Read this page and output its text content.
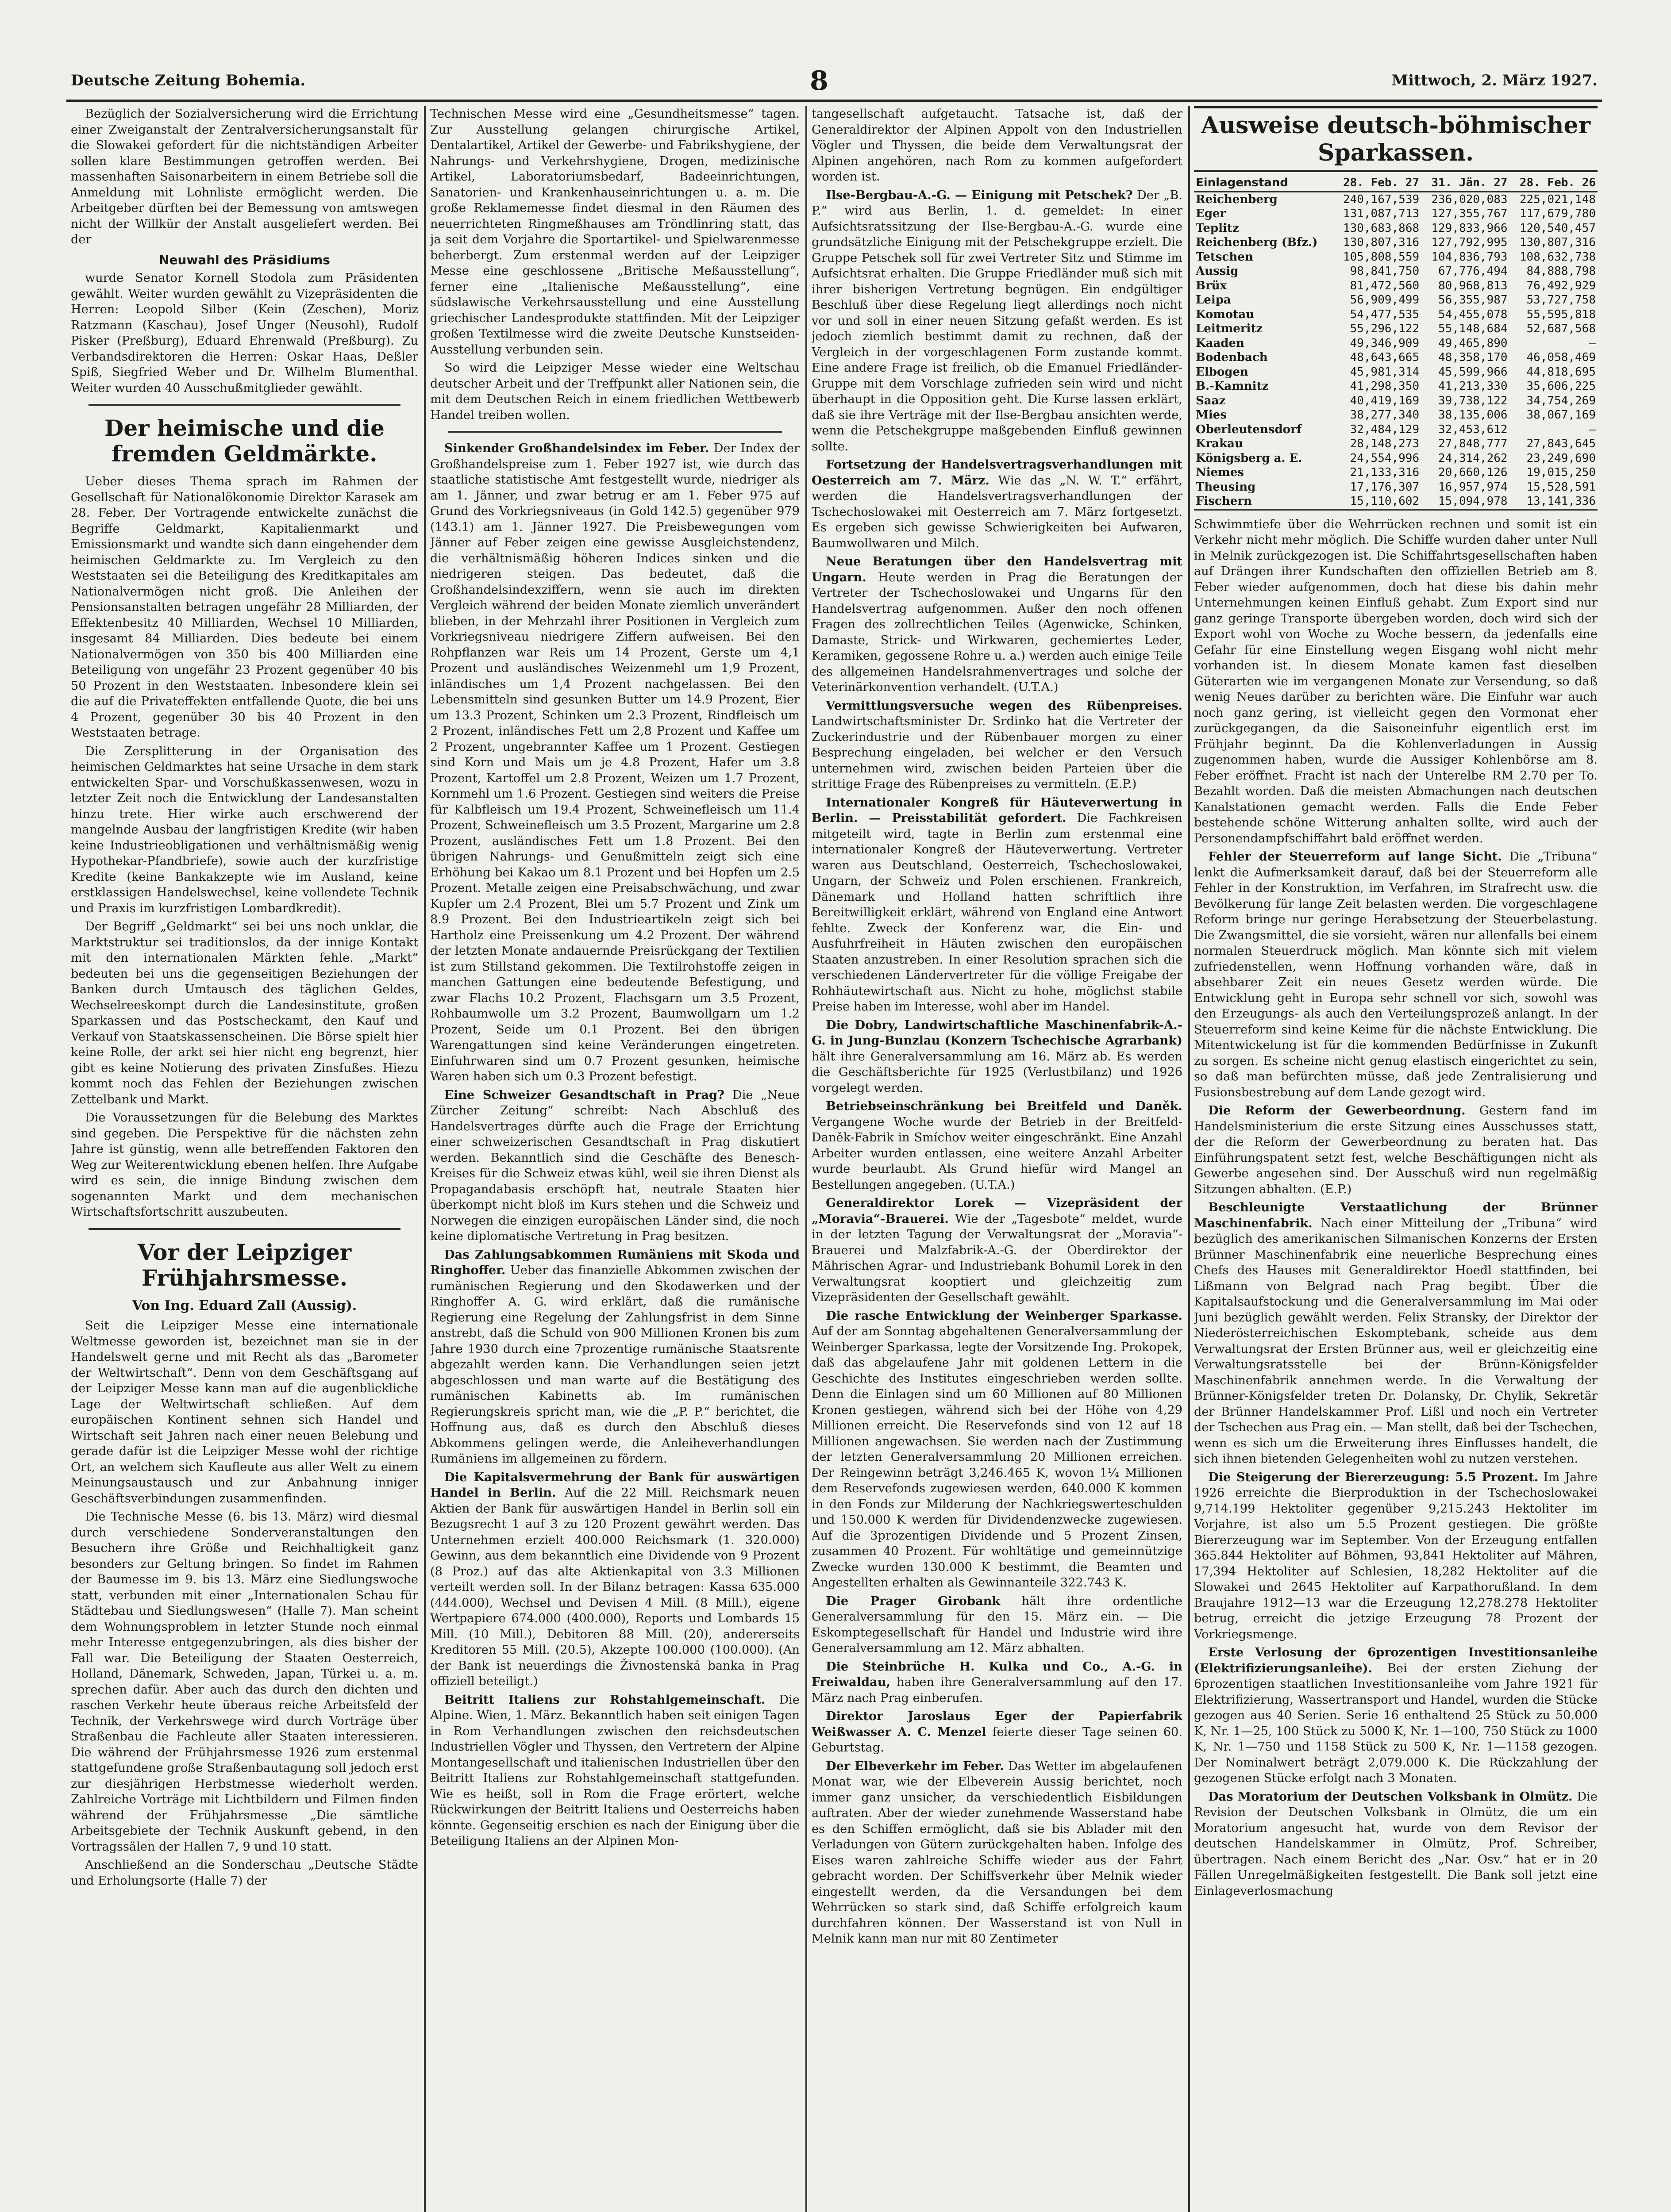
Deutsche Zeitung Bohemia.	8	Mittwoch, 2. März 1927.

Bezüglich der Sozialversicherung wird die Errichtung einer Zweiganstalt der Zentralversicherungsanstalt für die Slowakei gefordert für die nichtständigen Arbeiter sollen klare Bestimmungen getroffen werden. Bei massenhaften Saisonarbeitern in einem Betriebe soll die Anmeldung mit Lohnliste ermöglicht werden. Die Arbeitgeber dürften bei der Bemessung von amtswegen nicht der Willkür der Anstalt ausgeliefert werden. Bei der

Neuwahl des Präsidiums

wurde Senator Kornell Stodola zum Präsidenten gewählt. Weiter wurden gewählt zu Vizepräsidenten die Herren: Leopold Silber (Kein (Zeschen), Moriz Ratzmann (Kaschau), Josef Unger (Neusohl), Rudolf Pisker (Preßburg), Eduard Ehrenwald (Preßburg). Zu Verbandsdirektoren die Herren: Oskar Haas, Deßler Spiß, Siegfried Weber und Dr. Wilhelm Blumenthal. Weiter wurden 40 Ausschußmitglieder gewählt.

Der heimische und die fremden Geldmärkte.

Ueber dieses Thema sprach im Rahmen der Gesellschaft für Nationalökonomie Direktor Karasek am 28. Feber. Der Vortragende entwickelte zunächst die Begriffe Geldmarkt, Kapitalienmarkt und Emissionsmarkt und wandte sich dann eingehender dem heimischen Geldmarkte zu. Im Vergleich zu den Weststaaten sei die Beteiligung des Kreditkapitales am Nationalvermögen nicht groß. Die Anleihen der Pensionsanstalten betragen ungefähr 28 Milliarden, der Effektenbesitz 40 Milliarden, Wechsel 10 Milliarden, insgesamt 84 Milliarden. Dies bedeute bei einem Nationalvermögen von 350 bis 400 Milliarden eine Beteiligung von ungefähr 23 Prozent gegenüber 40 bis 50 Prozent in den Weststaaten. Inbesondere klein sei die auf die Privateffekten entfallende Quote, die bei uns 4 Prozent, gegenüber 30 bis 40 Prozent in den Weststaaten betrage.

Die Zersplitterung in der Organisation des heimischen Geldmarktes hat seine Ursache in dem stark entwickelten Spar- und Vorschußkassenwesen, wozu in letzter Zeit noch die Entwicklung der Landesanstalten hinzu trete. Hier wirke auch erschwerend der mangelnde Ausbau der langfristigen Kredite (wir haben keine Industrieobligationen und verhältnismäßig wenig Hypothekar-Pfandbriefe), sowie auch der kurzfristige Kredite (keine Bankakzepte wie im Ausland, keine erstklassigen Handelswechsel, keine vollendete Technik und Praxis im kurzfristigen Lombardkredit).

Der Begriff „Geldmarkt“ sei bei uns noch unklar, die Marktstruktur sei traditionslos, da der innige Kontakt mit den internationalen Märkten fehle. „Markt“ bedeuten bei uns die gegenseitigen Beziehungen der Banken durch Umtausch des täglichen Geldes, Wechselreeskompt durch die Landesinstitute, großen Sparkassen und das Postscheckamt, den Kauf und Verkauf von Staatskassenscheinen. Die Börse spielt hier keine Rolle, der arkt sei hier nicht eng begrenzt, hier gibt es keine Notierung des privaten Zinsfußes. Hiezu kommt noch das Fehlen der Beziehungen zwischen Zettelbank und Markt.

Die Voraussetzungen für die Belebung des Marktes sind gegeben. Die Perspektive für die nächsten zehn Jahre ist günstig, wenn alle betreffenden Faktoren den Weg zur Weiterentwicklung ebenen helfen. Ihre Aufgabe wird es sein, die innige Bindung zwischen dem sogenannten Markt und dem mechanischen Wirtschaftsfortschritt auszubeuten.

Vor der Leipziger Frühjahrsmesse.
Von Ing. Eduard Zall (Aussig).

Seit die Leipziger Messe eine internationale Weltmesse geworden ist, bezeichnet man sie in der Handelswelt gerne und mit Recht als das „Barometer der Weltwirtschaft“. Denn von dem Geschäftsgang auf der Leipziger Messe kann man auf die augenblickliche Lage der Weltwirtschaft schließen. Auf dem europäischen Kontinent sehnen sich Handel und Wirtschaft seit Jahren nach einer neuen Belebung und gerade dafür ist die Leipziger Messe wohl der richtige Ort, an welchem sich Kaufleute aus aller Welt zu einem Meinungsaustausch und zur Anbahnung inniger Geschäftsverbindungen zusammenfinden.

Die Technische Messe (6. bis 13. März) wird diesmal durch verschiedene Sonderveranstaltungen den Besuchern ihre Größe und Reichhaltigkeit ganz besonders zur Geltung bringen. So findet im Rahmen der Baumesse im 9. bis 13. März eine Siedlungswoche statt, verbunden mit einer „Internationalen Schau für Städtebau und Siedlungswesen“ (Halle 7). Man scheint dem Wohnungsproblem in letzter Stunde noch einmal mehr Interesse entgegenzubringen, als dies bisher der Fall war. Die Beteiligung der Staaten Oesterreich, Holland, Dänemark, Schweden, Japan, Türkei u. a. m. sprechen dafür. Aber auch das durch den dichten und raschen Verkehr heute überaus reiche Arbeitsfeld der Technik, der Verkehrswege wird durch Vorträge über Straßenbau die Fachleute aller Staaten interessieren. Die während der Frühjahrsmesse 1926 zum erstenmal stattgefundene große Straßenbautagung soll jedoch erst zur diesjährigen Herbstmesse wiederholt werden. Zahlreiche Vorträge mit Lichtbildern und Filmen finden während der Frühjahrsmesse „Die sämtliche Arbeitsgebiete der Technik Auskunft gebend, in den Vortragssälen der Hallen 7, 9 und 10 statt.

Anschließend an die Sonderschau „Deutsche Städte und Erholungsorte (Halle 7) der

Technischen Messe wird eine „Gesundheitsmesse“ tagen. Zur Ausstellung gelangen chirurgische Artikel, Dentalartikel, Artikel der Gewerbe- und Fabrikshygiene, der Nahrungs- und Verkehrshygiene, Drogen, medizinische Artikel, Laboratoriumsbedarf, Badeeinrichtungen, Sanatorien- und Krankenhauseinrichtungen u. a. m. Die große Reklamemesse findet diesmal in den Räumen des neuerrichteten Ringmeßhauses am Tröndlinring statt, das ja seit dem Vorjahre die Sportartikel- und Spielwarenmesse beherbergt. Zum erstenmal werden auf der Leipziger Messe eine geschlossene „Britische Meßausstellung“, ferner eine „Italienische Meßausstellung“, eine südslawische Verkehrsausstellung und eine Ausstellung griechischer Landesprodukte stattfinden. Mit der Leipziger großen Textilmesse wird die zweite Deutsche Kunstseiden-Ausstellung verbunden sein.

So wird die Leipziger Messe wieder eine Weltschau deutscher Arbeit und der Treffpunkt aller Nationen sein, die mit dem Deutschen Reich in einem friedlichen Wettbewerb Handel treiben wollen.

Sinkender Großhandelsindex im Feber. Der Index der Großhandelspreise zum 1. Feber 1927 ist, wie durch das staatliche statistische Amt festgestellt wurde, niedriger als am 1. Jänner, und zwar betrug er am 1. Feber 975 auf Grund des Vorkriegsniveaus (in Gold 142.5) gegenüber 979 (143.1) am 1. Jänner 1927. Die Preisbewegungen vom Jänner auf Feber zeigen eine gewisse Ausgleichstendenz, die verhältnismäßig höheren Indices sinken und die niedrigeren steigen. Das bedeutet, daß die Großhandelsindexziffern, wenn sie auch im direkten Vergleich während der beiden Monate ziemlich unverändert blieben, in der Mehrzahl ihrer Positionen in Vergleich zum Vorkriegsniveau niedrigere Ziffern aufweisen. Bei den Rohpflanzen war Reis um 14 Prozent, Gerste um 4,1 Prozent und ausländisches Weizenmehl um 1,9 Prozent, inländisches um 1,4 Prozent nachgelassen. Bei den Lebensmitteln sind gesunken Butter um 14.9 Prozent, Eier um 13.3 Prozent, Schinken um 2.3 Prozent, Rindfleisch um 2 Prozent, inländisches Fett um 2,8 Prozent und Kaffee um 2 Prozent, ungebrannter Kaffee um 1 Prozent. Gestiegen sind Korn und Mais um je 4.8 Prozent, Hafer um 3.8 Prozent, Kartoffel um 2.8 Prozent, Weizen um 1.7 Prozent, Kornmehl um 1.6 Prozent. Gestiegen sind weiters die Preise für Kalbfleisch um 19.4 Prozent, Schweinefleisch um 11.4 Prozent, Schweinefleisch um 3.5 Prozent, Margarine um 2.8 Prozent, ausländisches Fett um 1.8 Prozent. Bei den übrigen Nahrungs- und Genußmitteln zeigt sich eine Erhöhung bei Kakao um 8.1 Prozent und bei Hopfen um 2.5 Prozent. Metalle zeigen eine Preisabschwächung, und zwar Kupfer um 2.4 Prozent, Blei um 5.7 Prozent und Zink um 8.9 Prozent. Bei den Industrieartikeln zeigt sich bei Hartholz eine Preissenkung um 4.2 Prozent. Der während der letzten Monate andauernde Preisrückgang der Textilien ist zum Stillstand gekommen. Die Textilrohstoffe zeigen in manchen Gattungen eine bedeutende Befestigung, und zwar Flachs 10.2 Prozent, Flachsgarn um 3.5 Prozent, Rohbaumwolle um 3.2 Prozent, Baumwollgarn um 1.2 Prozent, Seide um 0.1 Prozent. Bei den übrigen Warengattungen sind keine Veränderungen eingetreten. Einfuhrwaren sind um 0.7 Prozent gesunken, heimische Waren haben sich um 0.3 Prozent befestigt.

Eine Schweizer Gesandtschaft in Prag? Die „Neue Zürcher Zeitung“ schreibt: Nach Abschluß des Handelsvertrages dürfte auch die Frage der Errichtung einer schweizerischen Gesandtschaft in Prag diskutiert werden. Bekanntlich sind die Geschäfte des Benesch-Kreises für die Schweiz etwas kühl, weil sie ihren Dienst als Propagandabasis erschöpft hat, neutrale Staaten hier überkompt nicht bloß im Kurs stehen und die Schweiz und Norwegen die einzigen europäischen Länder sind, die noch keine diplomatische Vertretung in Prag besitzen.

Das Zahlungsabkommen Rumäniens mit Skoda und Ringhoffer. Ueber das finanzielle Abkommen zwischen der rumänischen Regierung und den Skodawerken und der Ringhoffer A. G. wird erklärt, daß die rumänische Regierung eine Regelung der Zahlungsfrist in dem Sinne anstrebt, daß die Schuld von 900 Millionen Kronen bis zum Jahre 1930 durch eine 7prozentige rumänische Staatsrente abgezahlt werden kann. Die Verhandlungen seien jetzt abgeschlossen und man warte auf die Bestätigung des rumänischen Kabinetts ab. Im rumänischen Regierungskreis spricht man, wie die „P. P.“ berichtet, die Hoffnung aus, daß es durch den Abschluß dieses Abkommens gelingen werde, die Anleiheverhandlungen Rumäniens im allgemeinen zu fördern.

Die Kapitalsvermehrung der Bank für auswärtigen Handel in Berlin. Auf die 22 Mill. Reichsmark neuen Aktien der Bank für auswärtigen Handel in Berlin soll ein Bezugsrecht 1 auf 3 zu 120 Prozent gewährt werden. Das Unternehmen erzielt 400.000 Reichsmark (1. 320.000) Gewinn, aus dem bekanntlich eine Dividende von 9 Prozent (8 Proz.) auf das alte Aktienkapital von 3.3 Millionen verteilt werden soll. In der Bilanz betragen: Kassa 635.000 (444.000), Wechsel und Devisen 4 Mill. (8 Mill.), eigene Wertpapiere 674.000 (400.000), Reports und Lombards 15 Mill. (10 Mill.), Debitoren 88 Mill. (20), andererseits Kreditoren 55 Mill. (20.5), Akzepte 100.000 (100.000). (An der Bank ist neuerdings die Živnostenská banka in Prag offiziell beteiligt.)

Beitritt Italiens zur Rohstahlgemeinschaft. Die Alpine. Wien, 1. März. Bekanntlich haben seit einigen Tagen in Rom Verhandlungen zwischen den reichsdeutschen Industriellen Vögler und Thyssen, den Vertretern der Alpine Montangesellschaft und italienischen Industriellen über den Beitritt Italiens zur Rohstahlgemeinschaft stattgefunden. Wie es heißt, soll in Rom die Frage erörtert, welche Rückwirkungen der Beitritt Italiens und Oesterreichs haben könnte. Gegenseitig erschien es nach der Einigung über die Beteiligung Italiens an der Alpinen Mon-

tangesellschaft aufgetaucht. Tatsache ist, daß der Generaldirektor der Alpinen Appolt von den Industriellen Vögler und Thyssen, die beide dem Verwaltungsrat der Alpinen angehören, nach Rom zu kommen aufgefordert worden ist.

Ilse-Bergbau-A.-G. — Einigung mit Petschek? Der „B. P.“ wird aus Berlin, 1. d. gemeldet: In einer Aufsichtsratssitzung der Ilse-Bergbau-A.-G. wurde eine grundsätzliche Einigung mit der Petschekgruppe erzielt. Die Gruppe Petschek soll für zwei Vertreter Sitz und Stimme im Aufsichtsrat erhalten. Die Gruppe Friedländer muß sich mit ihrer bisherigen Vertretung begnügen. Ein endgültiger Beschluß über diese Regelung liegt allerdings noch nicht vor und soll in einer neuen Sitzung gefaßt werden. Es ist jedoch ziemlich bestimmt damit zu rechnen, daß der Vergleich in der vorgeschlagenen Form zustande kommt. Eine andere Frage ist freilich, ob die Emanuel Friedländer-Gruppe mit dem Vorschlage zufrieden sein wird und nicht überhaupt in die Opposition geht. Die Kurse lassen erklärt, daß sie ihre Verträge mit der Ilse-Bergbau ansichten werde, wenn die Petschekgruppe maßgebenden Einfluß gewinnen sollte.

Fortsetzung der Handelsvertragsverhandlungen mit Oesterreich am 7. März. Wie das „N. W. T.“ erfährt, werden die Handelsvertragsverhandlungen der Tschechoslowakei mit Oesterreich am 7. März fortgesetzt. Es ergeben sich gewisse Schwierigkeiten bei Aufwaren, Baumwollwaren und Milch.

Neue Beratungen über den Handelsvertrag mit Ungarn. Heute werden in Prag die Beratungen der Vertreter der Tschechoslowakei und Ungarns für den Handelsvertrag aufgenommen. Außer den noch offenen Fragen des zollrechtlichen Teiles (Agenwicke, Schinken, Damaste, Strick- und Wirkwaren, gechemiertes Leder, Keramiken, gegossene Rohre u. a.) werden auch einige Teile des allgemeinen Handelsrahmenvertrages und solche der Veterinärkonvention verhandelt. (U.T.A.)

Vermittlungsversuche wegen des Rübenpreises. Landwirtschaftsminister Dr. Srdinko hat die Vertreter der Zuckerindustrie und der Rübenbauer morgen zu einer Besprechung eingeladen, bei welcher er den Versuch unternehmen wird, zwischen beiden Parteien über die strittige Frage des Rübenpreises zu vermitteln. (E.P.)

Internationaler Kongreß für Häuteverwertung in Berlin. — Preisstabilität gefordert. Die Fachkreisen mitgeteilt wird, tagte in Berlin zum erstenmal eine internationaler Kongreß der Häuteverwertung. Vertreter waren aus Deutschland, Oesterreich, Tschechoslowakei, Ungarn, der Schweiz und Polen erschienen. Frankreich, Dänemark und Holland hatten schriftlich ihre Bereitwilligkeit erklärt, während von England eine Antwort fehlte. Zweck der Konferenz war, die Ein- und Ausfuhrfreiheit in Häuten zwischen den europäischen Staaten anzustreben. In einer Resolution sprachen sich die verschiedenen Ländervertreter für die völlige Freigabe der Rohhäutewirtschaft aus. Nicht zu hohe, möglichst stabile Preise haben im Interesse, wohl aber im Handel.

Die Dobry, Landwirtschaftliche Maschinenfabrik-A.-G. in Jung-Bunzlau (Konzern Tschechische Agrarbank) hält ihre Generalversammlung am 16. März ab. Es werden die Geschäftsberichte für 1925 (Verlustbilanz) und 1926 vorgelegt werden.

Betriebseinschränkung bei Breitfeld und Daněk. Vergangene Woche wurde der Betrieb in der Breitfeld-Daněk-Fabrik in Smíchov weiter eingeschränkt. Eine Anzahl Arbeiter wurden entlassen, eine weitere Anzahl Arbeiter wurde beurlaubt. Als Grund hiefür wird Mangel an Bestellungen angegeben. (U.T.A.)

Generaldirektor Lorek — Vizepräsident der „Moravia“-Brauerei. Wie der „Tagesbote“ meldet, wurde in der letzten Tagung der Verwaltungsrat der „Moravia“-Brauerei und Malzfabrik-A.-G. der Oberdirektor der Mährischen Agrar- und Industriebank Bohumil Lorek in den Verwaltungsrat kooptiert und gleichzeitig zum Vizepräsidenten der Gesellschaft gewählt.

Die rasche Entwicklung der Weinberger Sparkasse. Auf der am Sonntag abgehaltenen Generalversammlung der Weinberger Sparkassa, legte der Vorsitzende Ing. Prokopek, daß das abgelaufene Jahr mit goldenen Lettern in die Geschichte des Institutes eingeschrieben werden sollte. Denn die Einlagen sind um 60 Millionen auf 80 Millionen Kronen gestiegen, während sich bei der Höhe von 4,29 Millionen erreicht. Die Reservefonds sind von 12 auf 18 Millionen angewachsen. Sie werden nach der Zustimmung der letzten Generalversammlung 20 Millionen erreichen. Der Reingewinn beträgt 3,246.465 K, wovon 1¼ Millionen dem Reservefonds zugewiesen werden, 640.000 K kommen in den Fonds zur Milderung der Nachkriegswerteschulden und 150.000 K werden für Dividendenzwecke zugewiesen. Auf die 3prozentigen Dividende und 5 Prozent Zinsen, zusammen 40 Prozent. Für wohltätige und gemeinnützige Zwecke wurden 130.000 K bestimmt, die Beamten und Angestellten erhalten als Gewinnanteile 322.743 K.

Die Prager Girobank hält ihre ordentliche Generalversammlung für den 15. März ein. — Die Eskomptegesellschaft für Handel und Industrie wird ihre Generalversammlung am 12. März abhalten.

Die Steinbrüche H. Kulka und Co., A.-G. in Freiwaldau, haben ihre Generalversammlung auf den 17. März nach Prag einberufen.

Direktor Jaroslaus Eger der Papierfabrik Weißwasser A. C. Menzel feierte dieser Tage seinen 60. Geburtstag.

Der Elbeverkehr im Feber. Das Wetter im abgelaufenen Monat war, wie der Elbeverein Aussig berichtet, noch immer ganz unsicher, da verschiedentlich Eisbildungen auftraten. Aber der wieder zunehmende Wasserstand habe es den Schiffen ermöglicht, daß sie bis Ablader mit den Verladungen von Gütern zurückgehalten haben. Infolge des Eises waren zahlreiche Schiffe wieder aus der Fahrt gebracht worden. Der Schiffsverkehr über Melnik wieder eingestellt werden, da die Versandungen bei dem Wehrrücken so stark sind, daß Schiffe erfolgreich kaum durchfahren können. Der Wasserstand ist von Null in Melnik kann man nur mit 80 Zentimeter

Ausweise deutsch-böhmischer Sparkassen.
Einlagenstand	28. Feb. 27	31. Jän. 27	28. Feb. 26
Reichenberg	240,167,539	236,020,083	225,021,148
Eger	131,087,713	127,355,767	117,679,780
Teplitz	130,683,868	129,833,966	120,540,457
Reichenberg (Bfz.)	130,807,316	127,792,995	130,807,316
Tetschen	105,808,559	104,836,793	108,632,738
Aussig	98,841,750	67,776,494	84,888,798
Brüx	81,472,560	80,968,813	76,492,929
Leipa	56,909,499	56,355,987	53,727,758
Komotau	54,477,535	54,455,078	55,595,818
Leitmeritz	55,296,122	55,148,684	52,687,568
Kaaden	49,346,909	49,465,890	—
Bodenbach	48,643,665	48,358,170	46,058,469
Elbogen	45,981,314	45,599,966	44,818,695
B.-Kamnitz	41,298,350	41,213,330	35,606,225
Saaz	40,419,169	39,738,122	34,754,269
Mies	38,277,340	38,135,006	38,067,169
Oberleutensdorf	32,484,129	32,453,612	—
Krakau	28,148,273	27,848,777	27,843,645
Königsberg a. E.	24,554,996	24,314,262	23,249,690
Niemes	21,133,316	20,660,126	19,015,250
Theusing	17,176,307	16,957,974	15,528,591
Fischern	15,110,602	15,094,978	13,141,336

Schwimmtiefe über die Wehrrücken rechnen und somit ist ein Verkehr nicht mehr möglich. Die Schiffe wurden daher unter Null in Melnik zurückgezogen ist. Die Schiffahrtsgesellschaften haben auf Drängen ihrer Kundschaften den offiziellen Betrieb am 8. Feber wieder aufgenommen, doch hat diese bis dahin mehr Unternehmungen keinen Einfluß gehabt. Zum Export sind nur ganz geringe Transporte übergeben worden, doch wird sich der Export wohl von Woche zu Woche bessern, da jedenfalls eine Gefahr für eine Einstellung wegen Eisgang wohl nicht mehr vorhanden ist. In diesem Monate kamen fast dieselben Güterarten wie im vergangenen Monate zur Versendung, so daß wenig Neues darüber zu berichten wäre. Die Einfuhr war auch noch ganz gering, ist vielleicht gegen den Vormonat eher zurückgegangen, da die Saisoneinfuhr eigentlich erst im Frühjahr beginnt. Da die Kohlenverladungen in Aussig zugenommen haben, wurde die Aussiger Kohlenbörse am 8. Feber eröffnet. Fracht ist nach der Unterelbe RM 2.70 per To. Bezahlt worden. Daß die meisten Abmachungen nach deutschen Kanalstationen gemacht werden. Falls die Ende Feber bestehende schöne Witterung anhalten sollte, wird auch der Personendampfschiffahrt bald eröffnet werden.

Fehler der Steuerreform auf lange Sicht. Die „Tribuna“ lenkt die Aufmerksamkeit darauf, daß bei der Steuerreform alle Fehler in der Konstruktion, im Verfahren, im Strafrecht usw. die Bevölkerung für lange Zeit belasten werden. Die vorgeschlagene Reform bringe nur geringe Herabsetzung der Steuerbelastung. Die Zwangsmittel, die sie vorsieht, wären nur allenfalls bei einem normalen Steuerdruck möglich. Man könnte sich mit vielem zufriedenstellen, wenn Hoffnung vorhanden wäre, daß in absehbarer Zeit ein neues Gesetz werden würde. Die Entwicklung geht in Europa sehr schnell vor sich, sowohl was den Erzeugungs- als auch den Verteilungsprozeß anlangt. In der Steuerreform sind keine Keime für die nächste Entwicklung. Die Mitentwickelung ist für die kommenden Bedürfnisse in Zukunft zu sorgen. Es scheine nicht genug elastisch eingerichtet zu sein, so daß man befürchten müsse, daß jede Zentralisierung und Fusionsbestrebung auf dem Lande gezogt wird.

Die Reform der Gewerbeordnung. Gestern fand im Handelsministerium die erste Sitzung eines Ausschusses statt, der die Reform der Gewerbeordnung zu beraten hat. Das Einführungspatent setzt fest, welche Beschäftigungen nicht als Gewerbe angesehen sind. Der Ausschuß wird nun regelmäßig Sitzungen abhalten. (E.P.)

Beschleunigte Verstaatlichung der Brünner Maschinenfabrik. Nach einer Mitteilung der „Tribuna“ wird bezüglich des amerikanischen Silmanischen Konzerns der Ersten Brünner Maschinenfabrik eine neuerliche Besprechung eines Chefs des Hauses mit Generaldirektor Hoedl stattfinden, bei Lißmann von Belgrad nach Prag begibt. Über die Kapitalsaufstockung und die Generalversammlung im Mai oder Juni bezüglich gewählt werden. Felix Stransky, der Direktor der Niederösterreichischen Eskomptebank, scheide aus dem Verwaltungsrat der Ersten Brünner aus, weil er gleichzeitig eine Verwaltungsratsstelle bei der Brünn-Königsfelder Maschinenfabrik annehmen werde. In die Verwaltung der Brünner-Königsfelder treten Dr. Dolansky, Dr. Chylik, Sekretär der Brünner Handelskammer Prof. Lißl und noch ein Vertreter der Tschechen aus Prag ein. — Man stellt, daß bei der Tschechen, wenn es sich um die Erweiterung ihres Einflusses handelt, die sich ihnen bietenden Gelegenheiten wohl zu nutzen verstehen.

Die Steigerung der Biererzeugung: 5.5 Prozent. Im Jahre 1926 erreichte die Bierproduktion in der Tschechoslowakei 9,714.199 Hektoliter gegenüber 9,215.243 Hektoliter im Vorjahre, ist also um 5.5 Prozent gestiegen. Die größte Biererzeugung war im September. Von der Erzeugung entfallen 365.844 Hektoliter auf Böhmen, 93,841 Hektoliter auf Mähren, 17,394 Hektoliter auf Schlesien, 18,282 Hektoliter auf die Slowakei und 2645 Hektoliter auf Karpathorußland. In dem Braujahre 1912—13 war die Erzeugung 12,278.278 Hektoliter betrug, erreicht die jetzige Erzeugung 78 Prozent der Vorkriegsmenge.

Erste Verlosung der 6prozentigen Investitionsanleihe (Elektrifizierungsanleihe). Bei der ersten Ziehung der 6prozentigen staatlichen Investitionsanleihe vom Jahre 1921 für Elektrifizierung, Wassertransport und Handel, wurden die Stücke gezogen aus 40 Serien. Serie 16 enthaltend 25 Stück zu 50.000 K, Nr. 1—25, 100 Stück zu 5000 K, Nr. 1—100, 750 Stück zu 1000 K, Nr. 1—750 und 1158 Stück zu 500 K, Nr. 1—1158 gezogen. Der Nominalwert beträgt 2,079.000 K. Die Rückzahlung der gezogenen Stücke erfolgt nach 3 Monaten.

Das Moratorium der Deutschen Volksbank in Olmütz. Die Revision der Deutschen Volksbank in Olmütz, die um ein Moratorium angesucht hat, wurde von dem Revisor der deutschen Handelskammer in Olmütz, Prof. Schreiber, übertragen. Nach einem Bericht des „Nar. Osv.“ hat er in 20 Fällen Unregelmäßigkeiten festgestellt. Die Bank soll jetzt eine Einlageverlosmachung
